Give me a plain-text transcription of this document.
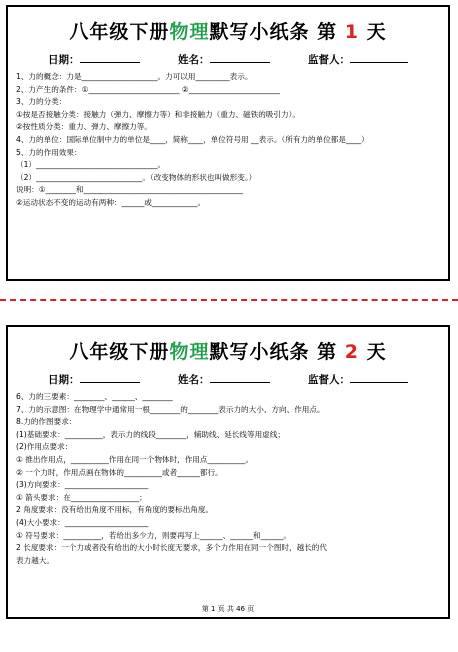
八年级下册物理默写小纸条 第 1 天
日期：	姓名：	监督人：
1、力的概念：力是____________________。力可以用_________表示。
2、力产生的条件：①________________________ ②________________________
3、力的分类：
①按是否接触分类：接触力（弹力、摩擦力等）和非接触力（重力、磁铁的吸引力）。
②按性质分类：重力、弹力、摩擦力等。
4、力的单位：国际单位制中力的单位是____，简称____，单位符号用 __表示。（所有力的单位都是____）
5、力的作用效果：
（1）________________________________。
（2）____________________________。（改变物体的形状也叫做形变。）
说明：①________和__________________________________________
②运动状态不变的运动有两种：______或____________。
八年级下册物理默写小纸条 第 2 天
日期：	姓名：	监督人：
6、力的三要素：________、______、________
7、力的示意图：在物理学中通常用一根________的________表示力的大小、方向、作用点。
8.力的作图要求：
(1)基础要求：__________，表示力的线段________，辅助线、延长线等用虚线；
(2)作用点要求：
① 推出作用点，__________作用在同一个物体时，作用点__________。
② 一个力时，作用点画在物体的__________或者______都行。
(3)方向要求：______________________
① 箭头要求：在__________________；
2 角度要求：没有给出角度不用标，有角度的要标出角度。
(4)大小要求：______________________
① 符号要求：__________，若给出多少力，则要再写上______、______和______。
2 长度要求：一个力或者没有给出的大小时长度无要求，多个力作用在同一个图时，越长的代
表力越大。
第 1 页 共 46 页
